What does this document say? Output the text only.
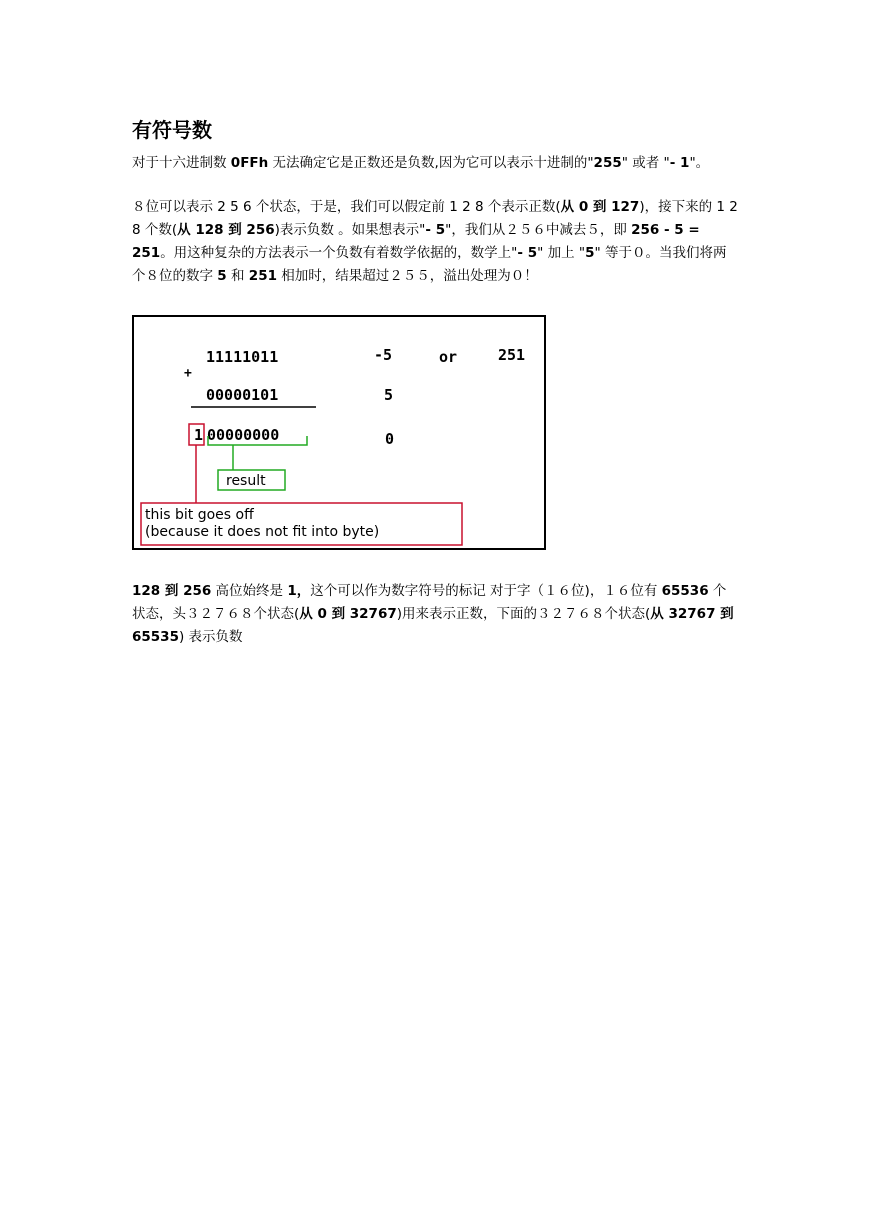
有符号数

对于十六进制数 0FFh 无法确定它是正数还是负数,因为它可以表示十进制的"255" 或者 "- 1"。

８位可以表示 2 5 6 个状态，于是，我们可以假定前 1 2 8 个表示正数(从 0 到 127)，接下来的 1 2 8 个数(从 128 到 256)表示负数 。如果想表示"- 5"，我们从２５６中减去５，即 256 - 5 = 251。用这种复杂的方法表示一个负数有着数学依据的，数学上"- 5" 加上 "5" 等于０。当我们将两个８位的数字 5 和 251 相加时，结果超过２５５，溢出处理为０！

11111011	-5	or	251
+
00000101	5
1 00000000	0
result
this bit goes off
(because it does not fit into byte)

128 到 256 高位始终是 1，这个可以作为数字符号的标记 对于字（１６位)，１６位有 65536 个状态，头３２７６８个状态(从 0 到 32767)用来表示正数，下面的３２７６８个状态(从 32767 到 65535) 表示负数
